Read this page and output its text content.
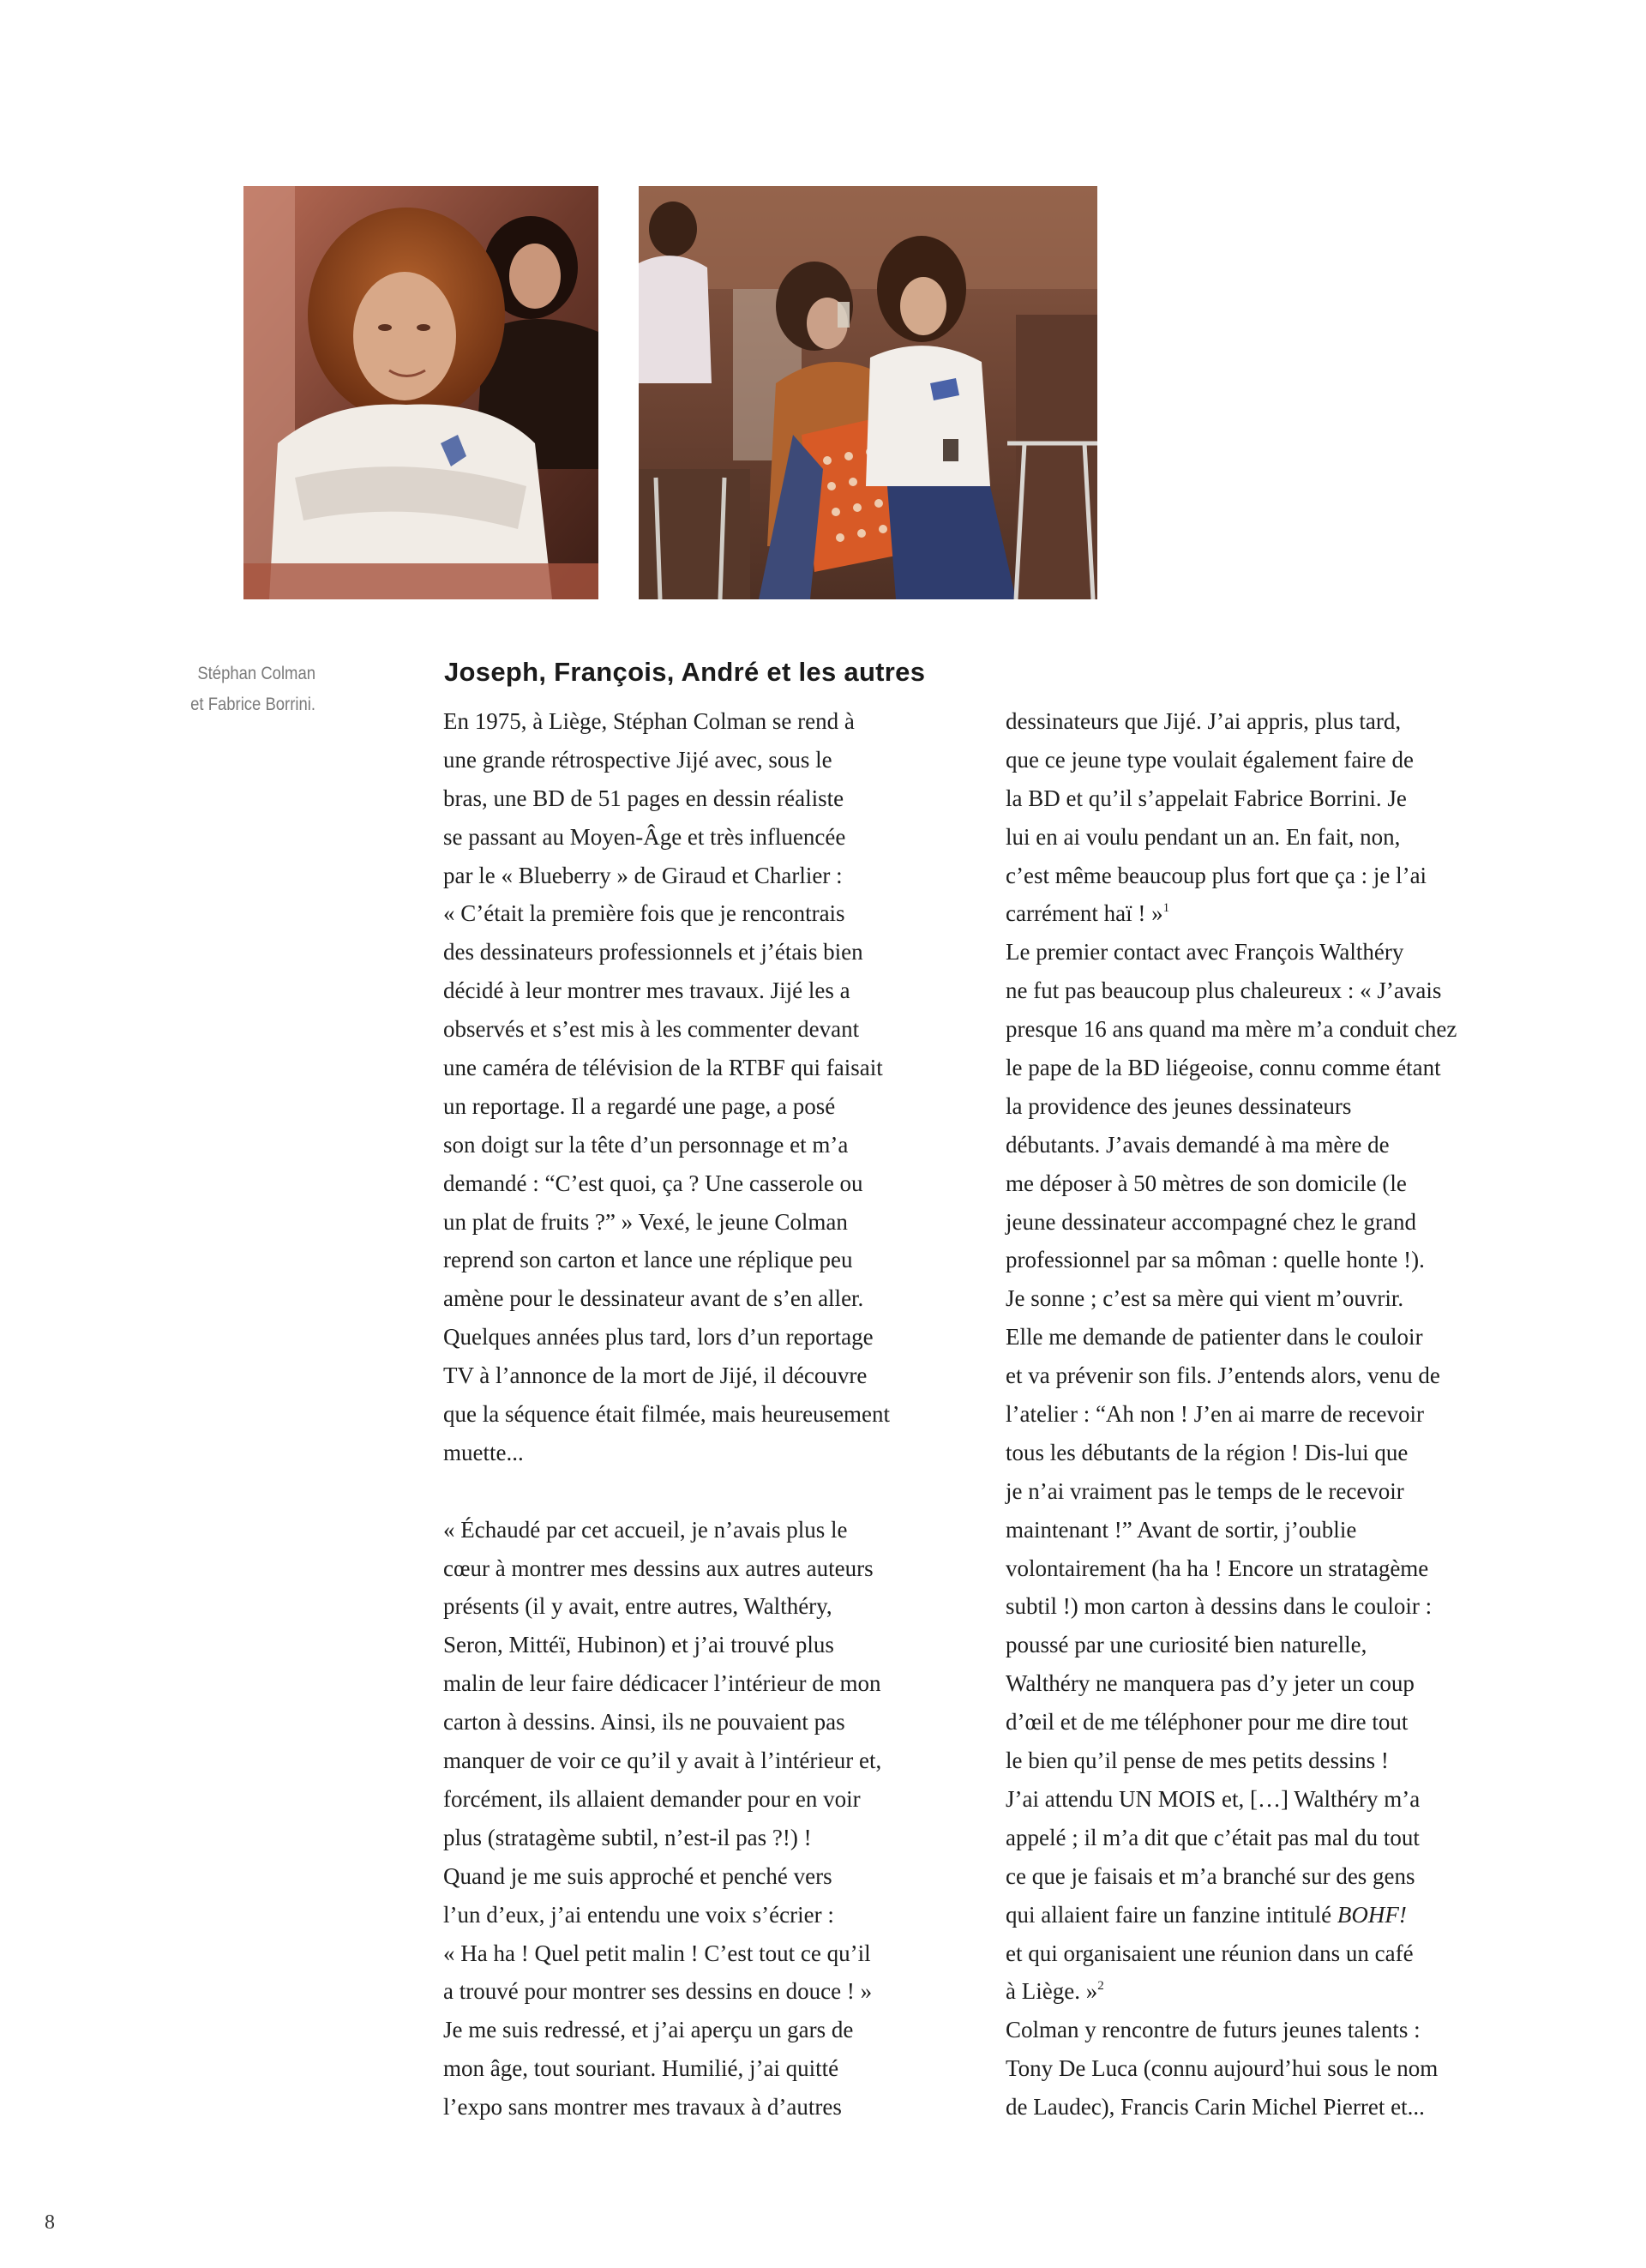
Stéphan Colman
et Fabrice Borrini.
Joseph, François, André et les autres
En 1975, à Liège, Stéphan Colman se rend à
une grande rétrospective Jijé avec, sous le
bras, une BD de 51 pages en dessin réaliste
se passant au Moyen-Âge et très influencée
par le « Blueberry » de Giraud et Charlier :
« C’était la première fois que je rencontrais
des dessinateurs professionnels et j’étais bien
décidé à leur montrer mes travaux. Jijé les a
observés et s’est mis à les commenter devant
une caméra de télévision de la RTBF qui faisait
un reportage. Il a regardé une page, a posé
son doigt sur la tête d’un personnage et m’a
demandé : “C’est quoi, ça ? Une casserole ou
un plat de fruits ?” » Vexé, le jeune Colman
reprend son carton et lance une réplique peu
amène pour le dessinateur avant de s’en aller.
Quelques années plus tard, lors d’un reportage
TV à l’annonce de la mort de Jijé, il découvre
que la séquence était filmée, mais heureusement
muette...
« Échaudé par cet accueil, je n’avais plus le
cœur à montrer mes dessins aux autres auteurs
présents (il y avait, entre autres, Walthéry,
Seron, Mittéï, Hubinon) et j’ai trouvé plus
malin de leur faire dédicacer l’intérieur de mon
carton à dessins. Ainsi, ils ne pouvaient pas
manquer de voir ce qu’il y avait à l’intérieur et,
forcément, ils allaient demander pour en voir
plus (stratagème subtil, n’est-il pas ?!) !
Quand je me suis approché et penché vers
l’un d’eux, j’ai entendu une voix s’écrier :
« Ha ha ! Quel petit malin ! C’est tout ce qu’il
a trouvé pour montrer ses dessins en douce ! »
Je me suis redressé, et j’ai aperçu un gars de
mon âge, tout souriant. Humilié, j’ai quitté
l’expo sans montrer mes travaux à d’autres
dessinateurs que Jijé. J’ai appris, plus tard,
que ce jeune type voulait également faire de
la BD et qu’il s’appelait Fabrice Borrini. Je
lui en ai voulu pendant un an. En fait, non,
c’est même beaucoup plus fort que ça : je l’ai
carrément haï ! »$^1$
Le premier contact avec François Walthéry
ne fut pas beaucoup plus chaleureux : « J’avais
presque 16 ans quand ma mère m’a conduit chez
le pape de la BD liégeoise, connu comme étant
la providence des jeunes dessinateurs
débutants. J’avais demandé à ma mère de
me déposer à 50 mètres de son domicile (le
jeune dessinateur accompagné chez le grand
professionnel par sa môman : quelle honte !).
Je sonne ; c’est sa mère qui vient m’ouvrir.
Elle me demande de patienter dans le couloir
et va prévenir son fils. J’entends alors, venu de
l’atelier : “Ah non ! J’en ai marre de recevoir
tous les débutants de la région ! Dis-lui que
je n’ai vraiment pas le temps de le recevoir
maintenant !” Avant de sortir, j’oublie
volontairement (ha ha ! Encore un stratagème
subtil !) mon carton à dessins dans le couloir :
poussé par une curiosité bien naturelle,
Walthéry ne manquera pas d’y jeter un coup
d’œil et de me téléphoner pour me dire tout
le bien qu’il pense de mes petits dessins !
J’ai attendu UN MOIS et, […] Walthéry m’a
appelé ; il m’a dit que c’était pas mal du tout
ce que je faisais et m’a branché sur des gens
qui allaient faire un fanzine intitulé BOHF!
et qui organisaient une réunion dans un café
à Liège. »$^2$
Colman y rencontre de futurs jeunes talents :
Tony De Luca (connu aujourd’hui sous le nom
de Laudec), Francis Carin Michel Pierret et...
8
